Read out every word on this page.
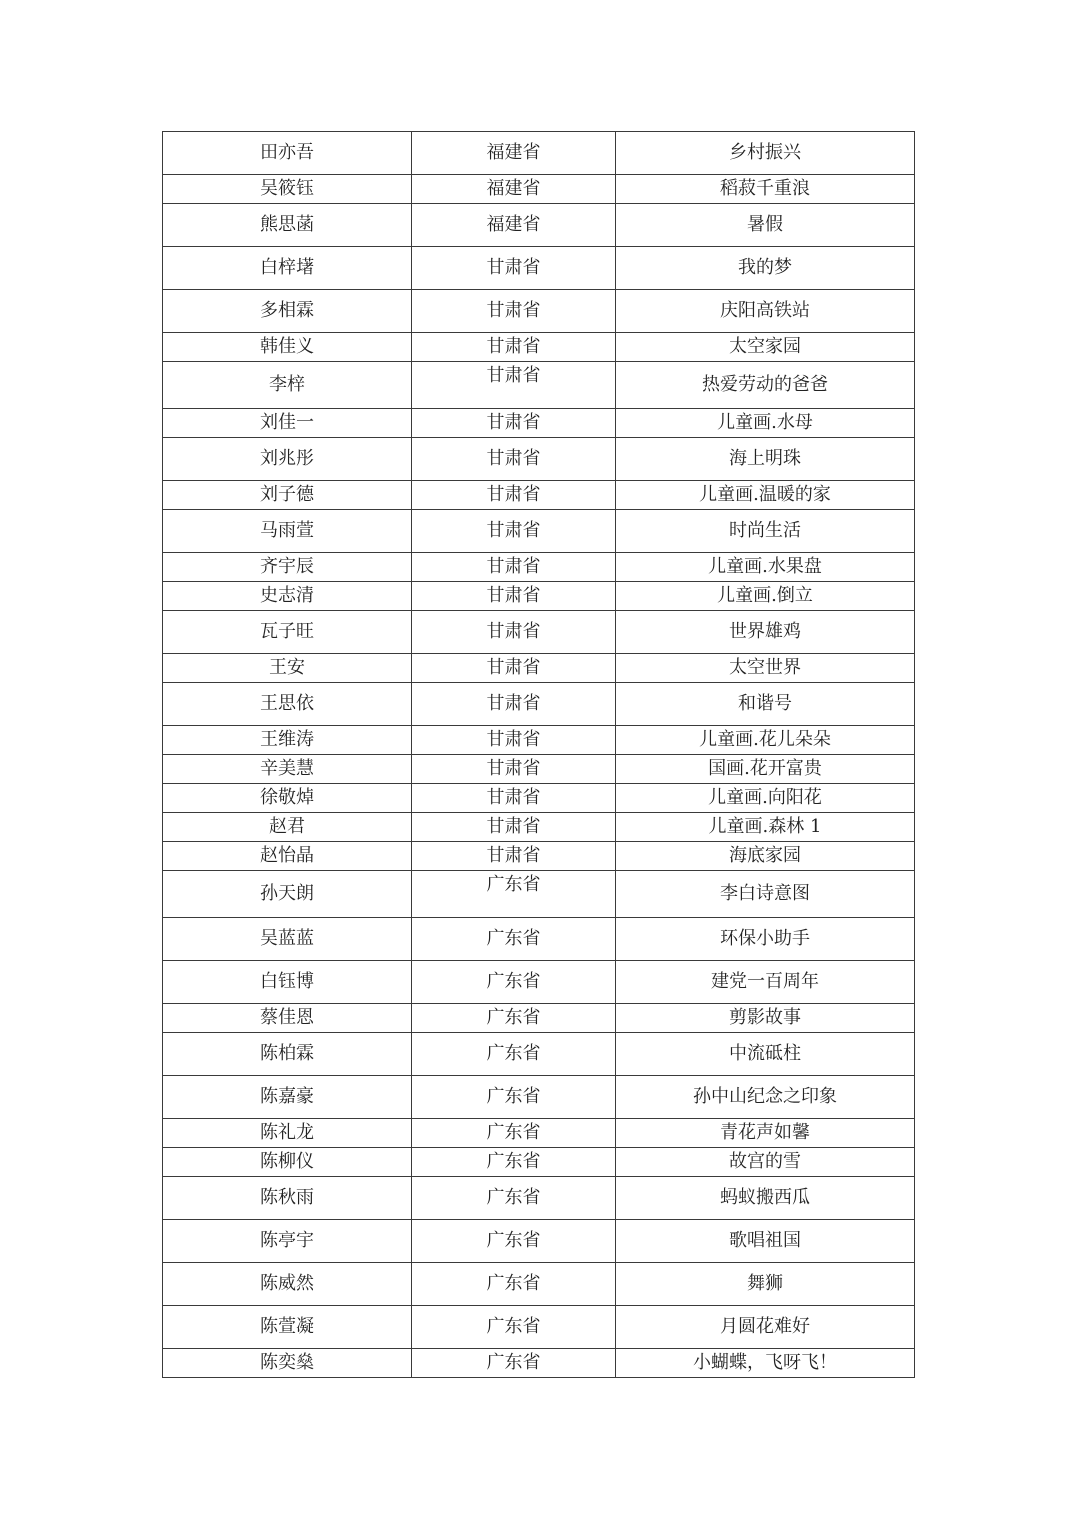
田亦吾	福建省	乡村振兴
吴筱钰	福建省	稻菽千重浪
熊思菡	福建省	暑假
白梓墸	甘肃省	我的梦
多相霖	甘肃省	庆阳高铁站
韩佳义	甘肃省	太空家园
李梓	甘肃省	热爱劳动的爸爸
刘佳一	甘肃省	儿童画.水母
刘兆彤	甘肃省	海上明珠
刘子德	甘肃省	儿童画.温暖的家
马雨萱	甘肃省	时尚生活
齐宇辰	甘肃省	儿童画.水果盘
史志清	甘肃省	儿童画.倒立
瓦子旺	甘肃省	世界雄鸡
王安	甘肃省	太空世界
王思依	甘肃省	和谐号
王维涛	甘肃省	儿童画.花儿朵朵
辛美慧	甘肃省	国画.花开富贵
徐敬焯	甘肃省	儿童画.向阳花
赵君	甘肃省	儿童画.森林 1
赵怡晶	甘肃省	海底家园
孙天朗	广东省	李白诗意图
吴蓝蓝	广东省	环保小助手
白钰博	广东省	建党一百周年
蔡佳恩	广东省	剪影故事
陈柏霖	广东省	中流砥柱
陈嘉豪	广东省	孙中山纪念之印象
陈礼龙	广东省	青花声如馨
陈柳仪	广东省	故宫的雪
陈秋雨	广东省	蚂蚁搬西瓜
陈亭宇	广东省	歌唱祖国
陈威然	广东省	舞狮
陈萱凝	广东省	月圆花难好
陈奕燊	广东省	小蝴蝶，飞呀飞！
